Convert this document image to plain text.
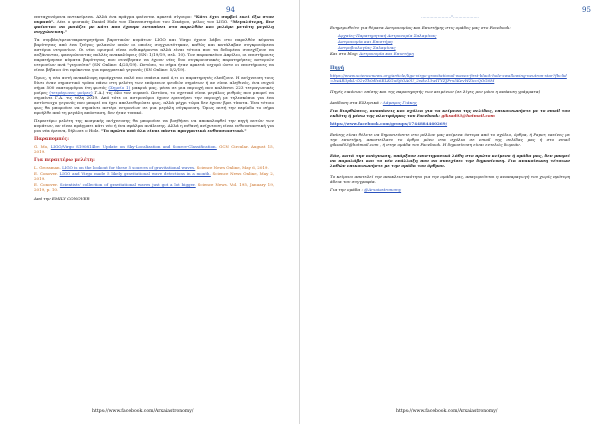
94

επιταχυνόμενα αντικείμενα. Αλλά ένα πράγμα φαίνεται αρκετά σίγουρο: "Κάτι έχει συμβεί εκεί έξω στον ουρανό". Λέει ο φυσικός Daniel Holz του Πανεπιστημίου του Σικάγου, μέλος του LIGO. "Μεγαλύτερη, δεν φαίνεται να μοιάζει με κάτι που έχουμε εντοπίσει στο παρελθόν και μιλάμε μετάτη μεγάλη συγχώνευση."

Τα συμβάν/ερεια-παρατηρητήρια βαρυτικών κυμάτων LIGO και Virgo έχουν λάβει στο παρελθόν κύματα βαρύτητας από ένα ζεύγος μελανών οπών οι οποίες συγχωνεύτηκαν, καθώς και κατάλαβαν συγκρουόμενα αστέρια νετρονίων. Οι νέοι ορισμοί είναι ενδιαφέροντα αλλά είναι τέτοια που τα δεδομένα συνεχίζουν να αυξάνονται, φανερώνοντας πολλές ανακαλύψεις (SN: 1/19/19, σελ. 10). Τον παρασκεύου Απρίλιο, οι επιστήμονες παρατήρησαν κύματα βαρύτητας που συνέβησαν να έχουν νέες δυο συγκρουσιακές παρατηρήσεις αστεριών νετρονίων ανά "γεγονότα" (SN Online: 4/25/19). Ωστόσο, το σήμα ήταν αρκετά ισχυρό ώστε οι επιστήμονες να είναι βέβαιοι ότι πρόκειται για πραγματικό γεγονός (SN Online: 5/2/19).

Όμως, η νέα αυτή ανακάλυψη προέρχεται πολύ πιο σπάνια από ό,τι οι παρατηρητές ελπίζουν. Η ανίχνευση τους δίνει έναν σημαντικό τρόπο πάνω στη μελέτη των επόμενων ψευδών σημάτων ή αν είναι αληθινός, ένα συχνό σήμα 500 εκατομμύρια έτη φωτός (Σημείο 1) μακριά μας, μέσα σε μια περιοχή που καλύπτει 223 τετραγωνικές μοίρες (τετράγωνες μοίρες) Γ.Α.) τις όλο τον ουρανό. Ωστόσο, το σχετικό είναι μεγάλος ρυθμός που μπορεί να σημαίνει Γ.Α. τις τέλη 2019. Από τότε οι αστρονόμοι έχουν ερευνήσει την περιοχή με τηλεσκόπια για ένα αντίστοιχο γεγονός που μπορεί να έχει απελευθερώσει φως, αλλά μέχρι τώρα δεν έχουν βρει τίποτα. Ένα τέτοιο φως θα μπορούσε να σημαίνει αστέρι νετρονίων σε μια μεγάλη σύγκρουση. Όμως αυτή την περίοδο το σήμα προήλθε από τη μεγάλη απόσταση, δεν ήταν τυπικό.

Περαιτέρω μελέτη της κοσμικής ανίχνευσης θα μπορούσε να βοηθήσει να αποκαλυφθεί την πηγή αυτών των κυμάτων, αν είναι πράγματι κάτι νέο ή ένα σφάλμα ανάλυσης. Αλλά η πιθανή ανίχνευση είναι ενθουσιαστική για μια νέα έρευνα, δήλωσε ο Holz. "Το πρώτο από όλα είναι πάντα πραγματικά ενθουσιαστικό."

Παραπομπές:

G. Mo, LIGO/Virgo S190814bv: Update on Sky-Localization and Source-Classification. GCN Circular. August 15, 2019.

Για περαιτέρω μελέτη:

L. Grossman. LIGO is on the lookout for these 5 sources of gravitational waves. Science News Online, May 6, 2019.

E. Conover. LIGO and Virgo made 5 likely gravitational wave detections in a month. Science News Online, May 2, 2019.

E. Conover. Scientists' collection of gravitational waves just got a lot bigger. Science News. Vol. 195, January 19, 2019, p. 10.

Από την EMILY CONOVER

https://www.facebook.com/Arxaiastronomy/
95

…………………."……………….

Ενημερωθείτε για θέματα Αστρονομίας και Επιστήμης στις ομάδες μας στο Facebook:

Αρχαίες-Παρατηρητική Αστρονομία Σαλαμίνας

Αστρονομία και Επιστήμη

Αστροβιολογίας Σαλαμίνας

Και στο blog: Αστρονομία και Επιστήμη

Πηγή

https://www.sciencenews.org/article/ligo-virgo-gravitational-waves-first-black-hole-swallowing-neutron-star?fbclid=IwAR3pbL-O2vTk0dlx6ELKGuSjtOA0U_2wkz13wITYZJPrx5KevWZiccQOG6M

Πηγές εικόνων: επίσης και της παρατηρητής των κειμένων (σε λίγες μεν μόνο η απόκιση γράμματα)

Απόδοση στα Ελληνικά : Λάμπρος Γιάκης

Για διορθώσεις, αναπάσεις και σχόλια για τα κείμενα της σελίδας, επικοινωνήστε με το email του εκδότη ή μέσω της πλατφόρμας του Facebook: giksad03@hotmail.com

https://www.facebook.com/groups/1744884460269/

Επίσης είναι θέλετε να δημοσιεύσετε στο μέλλον μας κείμενα ύστερα από το σχόλιο, όρθρα, ή Paper, εκείνες με την επιστήμη, αποστείλατε το όρθρο μόνο στα σχόλια σε email της σελίδας μας ή στο email giksad03@hotmail.com , ή στην ομάδα του Facebook. Η δημοσίευση είναι εντελώς δωρεάν.

Εάν, κατά την ανάγνωση, υπάρξουν επιστημονικά λάθη στο πρώτο κείμενο ή ομάδα μας, δεν μπορεί να παραλάβει και το νέο ενάλλαξη που να συνεχίσει την δημοσίευση. Για ανακοίνωση τέτοιων λαθών επικοινωνήστε με την ομάδα του όρθρου.

Το κείμενο αποτελεί την αποκλειστικότητα για την ομάδα μας, απαγορεύεται η αναπαραγωγή του χωρίς πρότερη άδεια του συγγραφέα.

Για την ομάδα : @Arxaiastronomy

https://www.facebook.com/Arxaiastronomy/
